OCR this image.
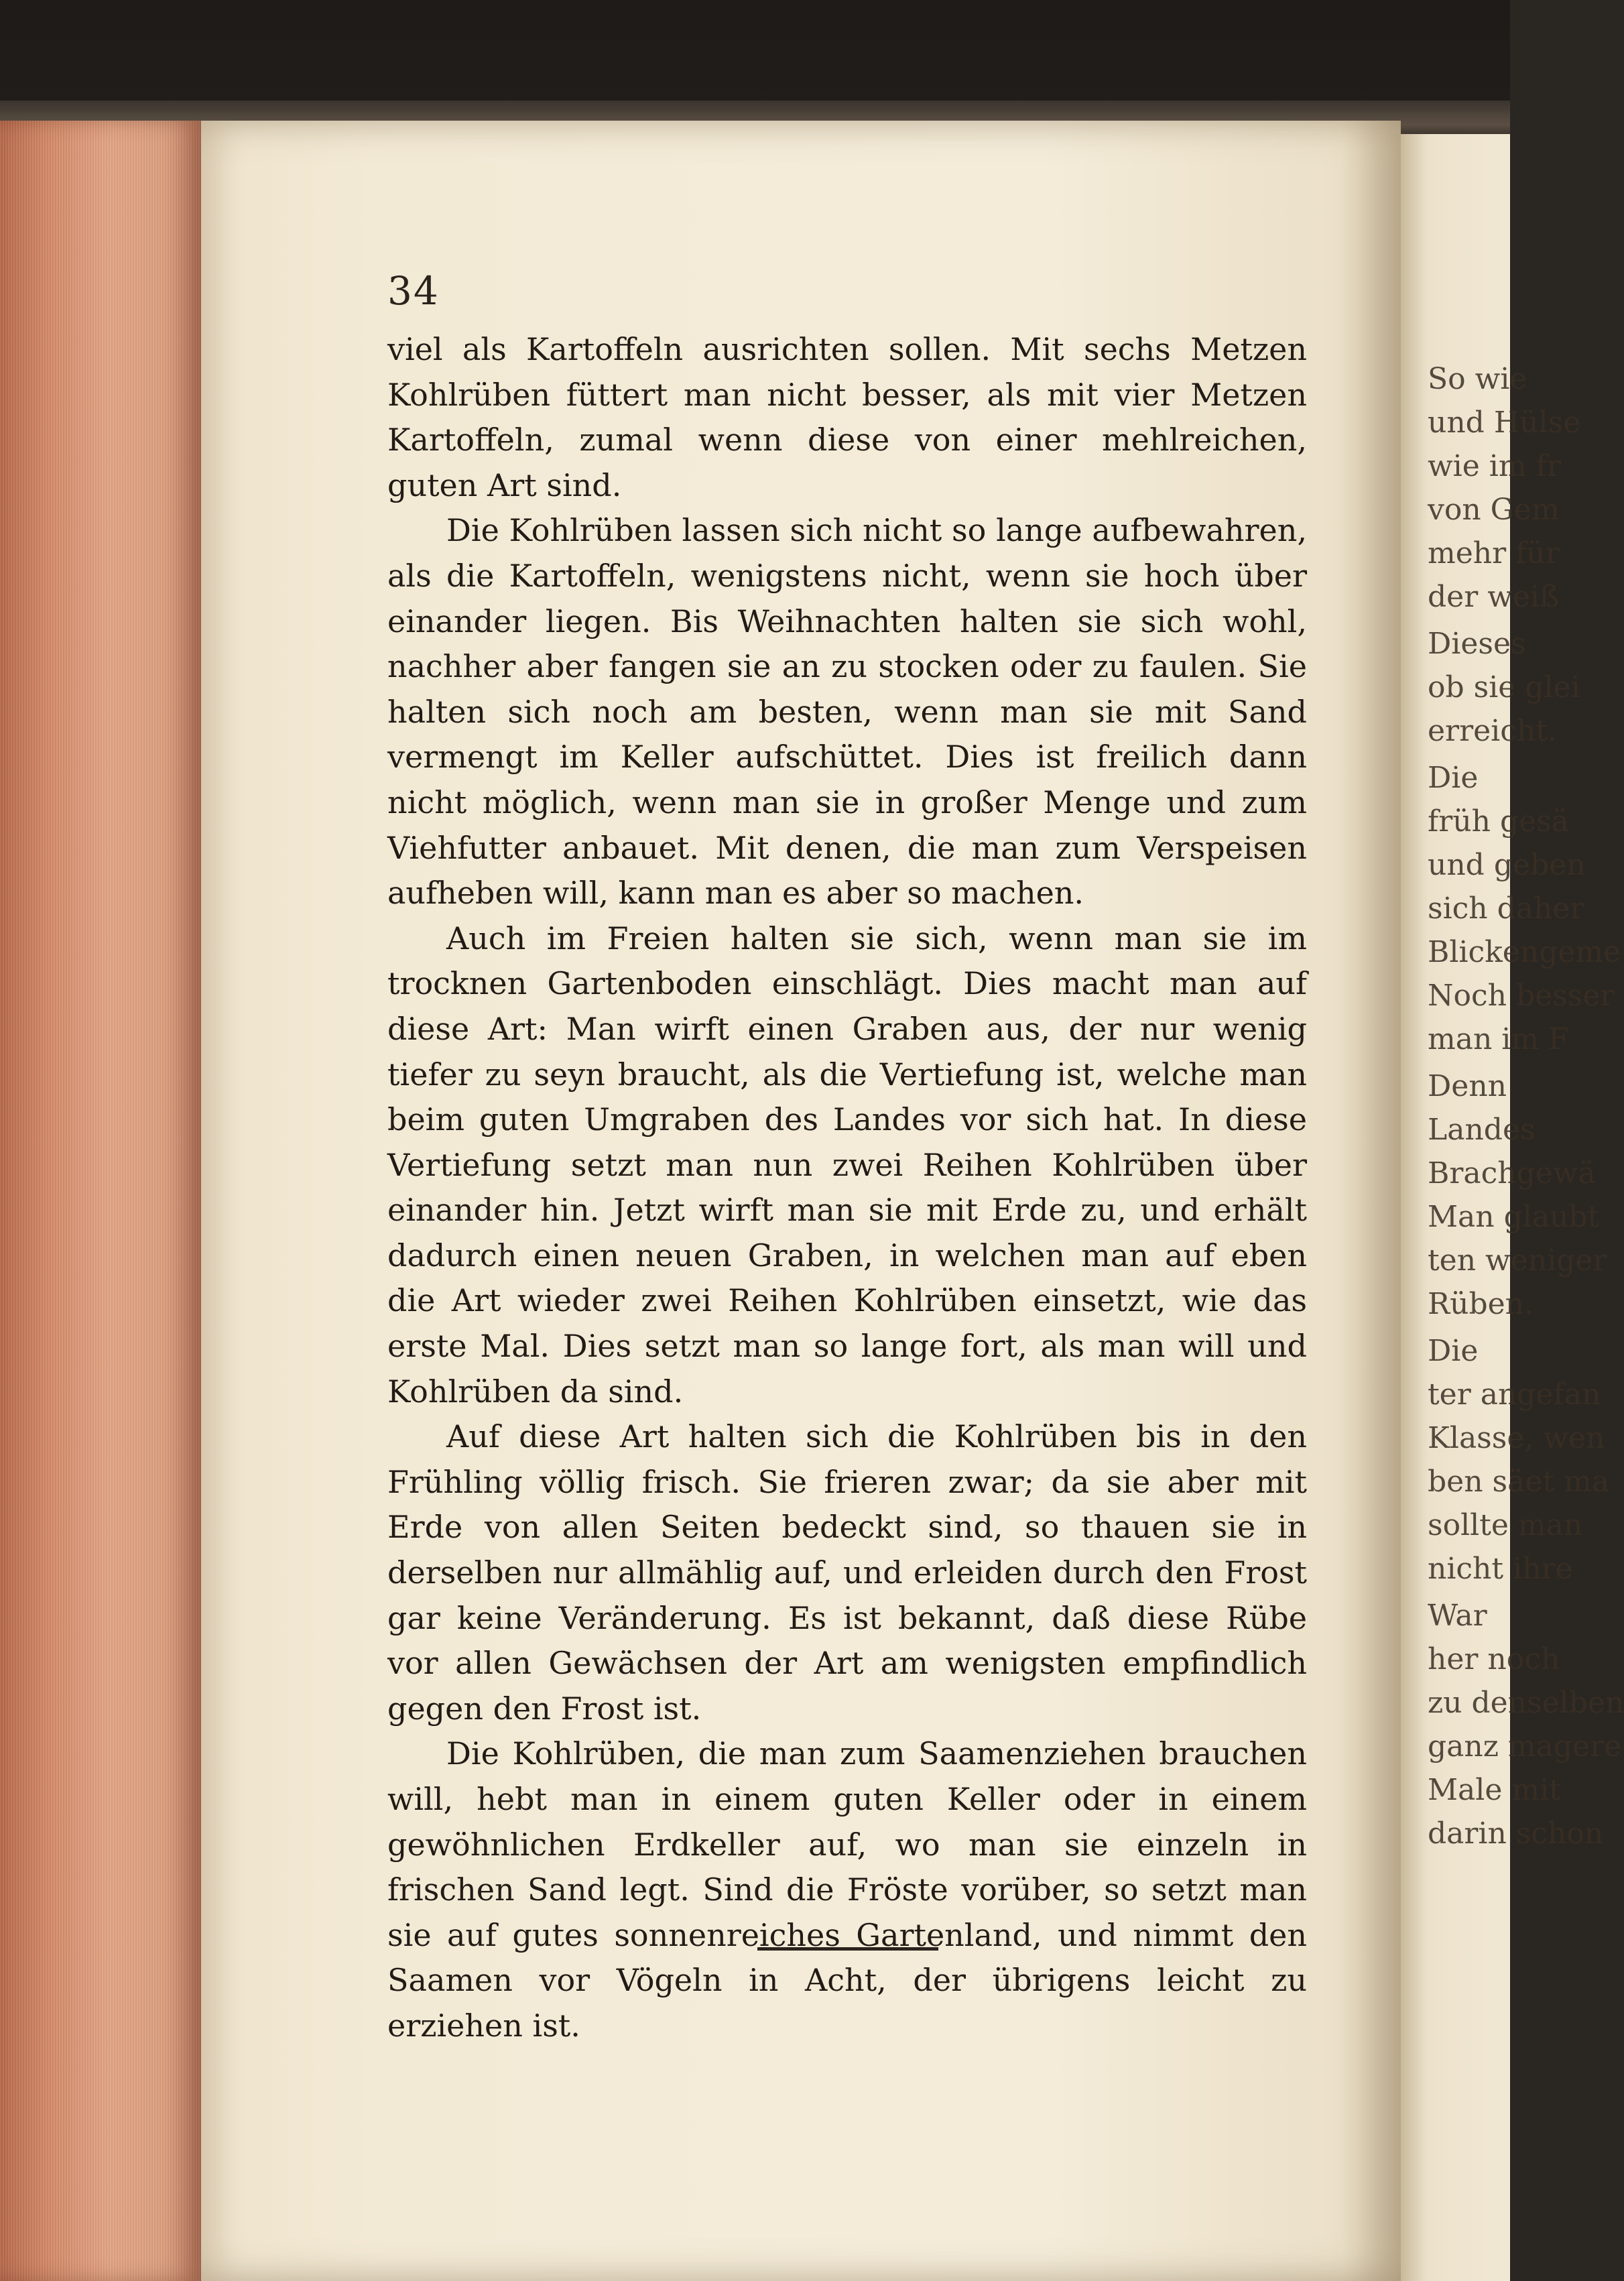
So wie
und Hülse
wie im fr
von Gem
mehr für
der weiß
Dieses
ob sie glei
erreicht.
Die
früh gesä
und geben
sich daher
Blickengeme
Noch besser
man im F
Denn
Landes
Brachgewä
Man glaubt
ten weniger
Rüben.
Die
ter angefan
Klasse, wen
ben säet ma
sollte man
nicht ihre
War
her noch
zu denselben
ganz magere
Male mit
darin schon
34

viel als Kartoffeln ausrichten sollen. Mit sechs Metzen Kohlrüben füttert man nicht besser, als mit vier Metzen Kartoffeln, zumal wenn diese von einer mehlreichen, guten Art sind.

Die Kohlrüben lassen sich nicht so lange aufbewahren, als die Kartoffeln, wenigstens nicht, wenn sie hoch über einander liegen. Bis Weihnachten halten sie sich wohl, nachher aber fangen sie an zu stocken oder zu faulen. Sie halten sich noch am besten, wenn man sie mit Sand vermengt im Keller aufschüttet. Dies ist freilich dann nicht möglich, wenn man sie in großer Menge und zum Viehfutter anbauet. Mit denen, die man zum Verspeisen aufheben will, kann man es aber so machen.

Auch im Freien halten sie sich, wenn man sie im trocknen Gartenboden einschlägt. Dies macht man auf diese Art: Man wirft einen Graben aus, der nur wenig tiefer zu seyn braucht, als die Vertiefung ist, welche man beim guten Umgraben des Landes vor sich hat. In diese Vertiefung setzt man nun zwei Reihen Kohlrüben über einander hin. Jetzt wirft man sie mit Erde zu, und erhält dadurch einen neuen Graben, in welchen man auf eben die Art wieder zwei Reihen Kohlrüben einsetzt, wie das erste Mal. Dies setzt man so lange fort, als man will und Kohlrüben da sind.

Auf diese Art halten sich die Kohlrüben bis in den Frühling völlig frisch. Sie frieren zwar; da sie aber mit Erde von allen Seiten bedeckt sind, so thauen sie in derselben nur allmählig auf, und erleiden durch den Frost gar keine Veränderung. Es ist bekannt, daß diese Rübe vor allen Gewächsen der Art am wenigsten empfindlich gegen den Frost ist.

Die Kohlrüben, die man zum Saamenziehen brauchen will, hebt man in einem guten Keller oder in einem gewöhnlichen Erdkeller auf, wo man sie einzeln in frischen Sand legt. Sind die Fröste vorüber, so setzt man sie auf gutes sonnenreiches Gartenland, und nimmt den Saamen vor Vögeln in Acht, der übrigens leicht zu erziehen ist.
